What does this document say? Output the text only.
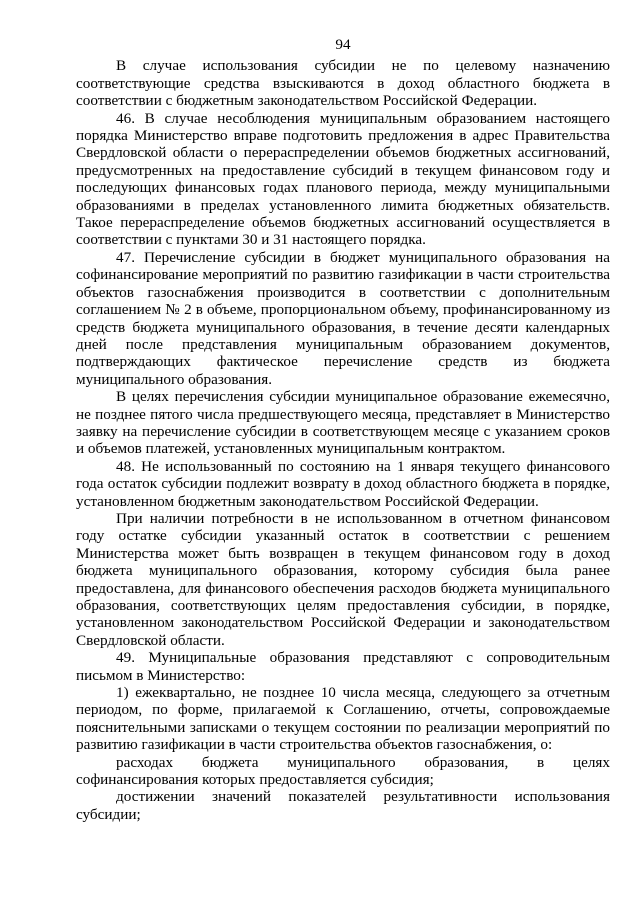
94

В случае использования субсидии не по целевому назначению соответствующие средства взыскиваются в доход областного бюджета в соответствии с бюджетным законодательством Российской Федерации.

46. В случае несоблюдения муниципальным образованием настоящего порядка Министерство вправе подготовить предложения в адрес Правительства Свердловской области о перераспределении объемов бюджетных ассигнований, предусмотренных на предоставление субсидий в текущем финансовом году и последующих финансовых годах планового периода, между муниципальными образованиями в пределах установленного лимита бюджетных обязательств. Такое перераспределение объемов бюджетных ассигнований осуществляется в соответствии с пунктами 30 и 31 настоящего порядка.

47. Перечисление субсидии в бюджет муниципального образования на софинансирование мероприятий по развитию газификации в части строительства объектов газоснабжения производится в соответствии с дополнительным соглашением № 2 в объеме, пропорциональном объему, профинансированному из средств бюджета муниципального образования, в течение десяти календарных дней после представления муниципальным образованием документов, подтверждающих фактическое перечисление средств из бюджета муниципального образования.

В целях перечисления субсидии муниципальное образование ежемесячно, не позднее пятого числа предшествующего месяца, представляет в Министерство заявку на перечисление субсидии в соответствующем месяце с указанием сроков и объемов платежей, установленных муниципальным контрактом.

48. Не использованный по состоянию на 1 января текущего финансового года остаток субсидии подлежит возврату в доход областного бюджета в порядке, установленном бюджетным законодательством Российской Федерации.

При наличии потребности в не использованном в отчетном финансовом году остатке субсидии указанный остаток в соответствии с решением Министерства может быть возвращен в текущем финансовом году в доход бюджета муниципального образования, которому субсидия была ранее предоставлена, для финансового обеспечения расходов бюджета муниципального образования, соответствующих целям предоставления субсидии, в порядке, установленном законодательством Российской Федерации и законодательством Свердловской области.

49. Муниципальные образования представляют с сопроводительным письмом в Министерство:

1) ежеквартально, не позднее 10 числа месяца, следующего за отчетным периодом, по форме, прилагаемой к Соглашению, отчеты, сопровождаемые пояснительными записками о текущем состоянии по реализации мероприятий по развитию газификации в части строительства объектов газоснабжения, о:

расходах бюджета муниципального образования, в целях софинансирования которых предоставляется субсидия;

достижении значений показателей результативности использования субсидии;
